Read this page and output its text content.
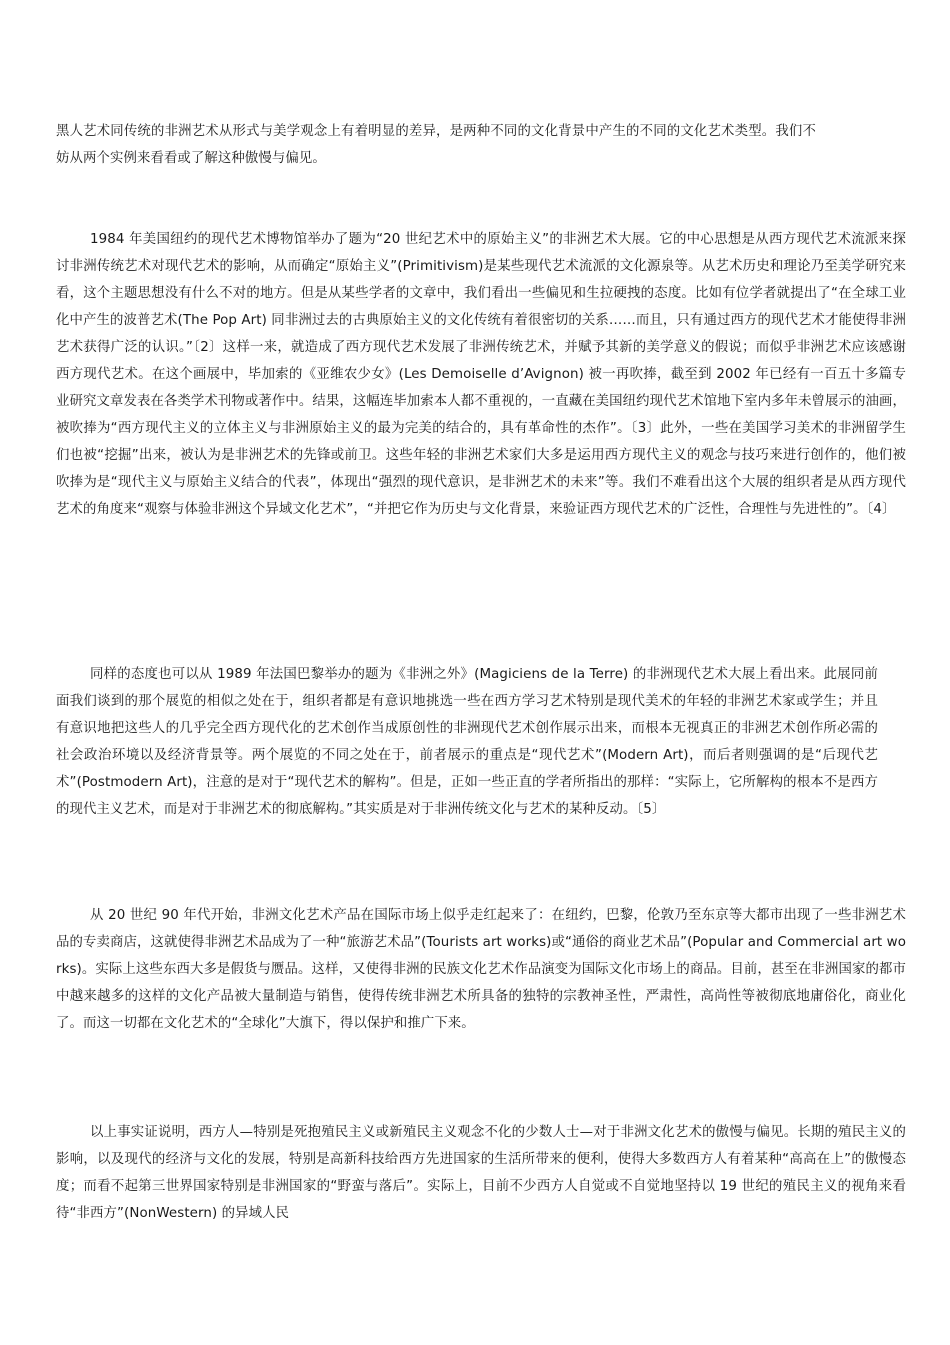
黑人艺术同传统的非洲艺术从形式与美学观念上有着明显的差异，是两种不同的文化背景中产生的不同的文化艺术类型。我们不妨从两个实例来看看或了解这种傲慢与偏见。

1984 年美国纽约的现代艺术博物馆举办了题为“20 世纪艺术中的原始主义”的非洲艺术大展。它的中心思想是从西方现代艺术流派来探讨非洲传统艺术对现代艺术的影响，从而确定“原始主义”(Primitivism)是某些现代艺术流派的文化源泉等。从艺术历史和理论乃至美学研究来看，这个主题思想没有什么不对的地方。但是从某些学者的文章中，我们看出一些偏见和生拉硬拽的态度。比如有位学者就提出了“在全球工业化中产生的波普艺术(The Pop Art) 同非洲过去的古典原始主义的文化传统有着很密切的关系……而且，只有通过西方的现代艺术才能使得非洲艺术获得广泛的认识。”〔2〕这样一来，就造成了西方现代艺术发展了非洲传统艺术，并赋予其新的美学意义的假说；而似乎非洲艺术应该感谢西方现代艺术。在这个画展中，毕加索的《亚维农少女》(Les Demoiselle d’Avignon) 被一再吹捧，截至到 2002 年已经有一百五十多篇专业研究文章发表在各类学术刊物或著作中。结果，这幅连毕加索本人都不重视的，一直藏在美国纽约现代艺术馆地下室内多年未曾展示的油画，被吹捧为“西方现代主义的立体主义与非洲原始主义的最为完美的结合的，具有革命性的杰作”。〔3〕此外，一些在美国学习美术的非洲留学生们也被“挖掘”出来，被认为是非洲艺术的先锋或前卫。这些年轻的非洲艺术家们大多是运用西方现代主义的观念与技巧来进行创作的，他们被吹捧为是“现代主义与原始主义结合的代表”，体现出“强烈的现代意识，是非洲艺术的未来”等。我们不难看出这个大展的组织者是从西方现代艺术的角度来“观察与体验非洲这个异域文化艺术”，“并把它作为历史与文化背景，来验证西方现代艺术的广泛性，合理性与先进性的”。〔4〕

同样的态度也可以从 1989 年法国巴黎举办的题为《非洲之外》(Magiciens de la Terre) 的非洲现代艺术大展上看出来。此展同前面我们谈到的那个展览的相似之处在于，组织者都是有意识地挑选一些在西方学习艺术特别是现代美术的年轻的非洲艺术家或学生；并且有意识地把这些人的几乎完全西方现代化的艺术创作当成原创性的非洲现代艺术创作展示出来，而根本无视真正的非洲艺术创作所必需的社会政治环境以及经济背景等。两个展览的不同之处在于，前者展示的重点是“现代艺术”(Modern Art)，而后者则强调的是“后现代艺术”(Postmodern Art)，注意的是对于“现代艺术的解构”。但是，正如一些正直的学者所指出的那样：“实际上，它所解构的根本不是西方的现代主义艺术，而是对于非洲艺术的彻底解构。”其实质是对于非洲传统文化与艺术的某种反动。〔5〕

从 20 世纪 90 年代开始，非洲文化艺术产品在国际市场上似乎走红起来了：在纽约，巴黎，伦敦乃至东京等大都市出现了一些非洲艺术品的专卖商店，这就使得非洲艺术品成为了一种“旅游艺术品”(Tourists art works)或“通俗的商业艺术品”(Popular and Commercial art works)。实际上这些东西大多是假货与赝品。这样，又使得非洲的民族文化艺术作品演变为国际文化市场上的商品。目前，甚至在非洲国家的都市中越来越多的这样的文化产品被大量制造与销售，使得传统非洲艺术所具备的独特的宗教神圣性，严肃性，高尚性等被彻底地庸俗化，商业化了。而这一切都在文化艺术的“全球化”大旗下，得以保护和推广下来。

以上事实证说明，西方人—特别是死抱殖民主义或新殖民主义观念不化的少数人士—对于非洲文化艺术的傲慢与偏见。长期的殖民主义的影响，以及现代的经济与文化的发展，特别是高新科技给西方先进国家的生活所带来的便利，使得大多数西方人有着某种“高高在上”的傲慢态度；而看不起第三世界国家特别是非洲国家的“野蛮与落后”。实际上，目前不少西方人自觉或不自觉地坚持以 19 世纪的殖民主义的视角来看待“非西方”(NonWestern) 的异域人民
